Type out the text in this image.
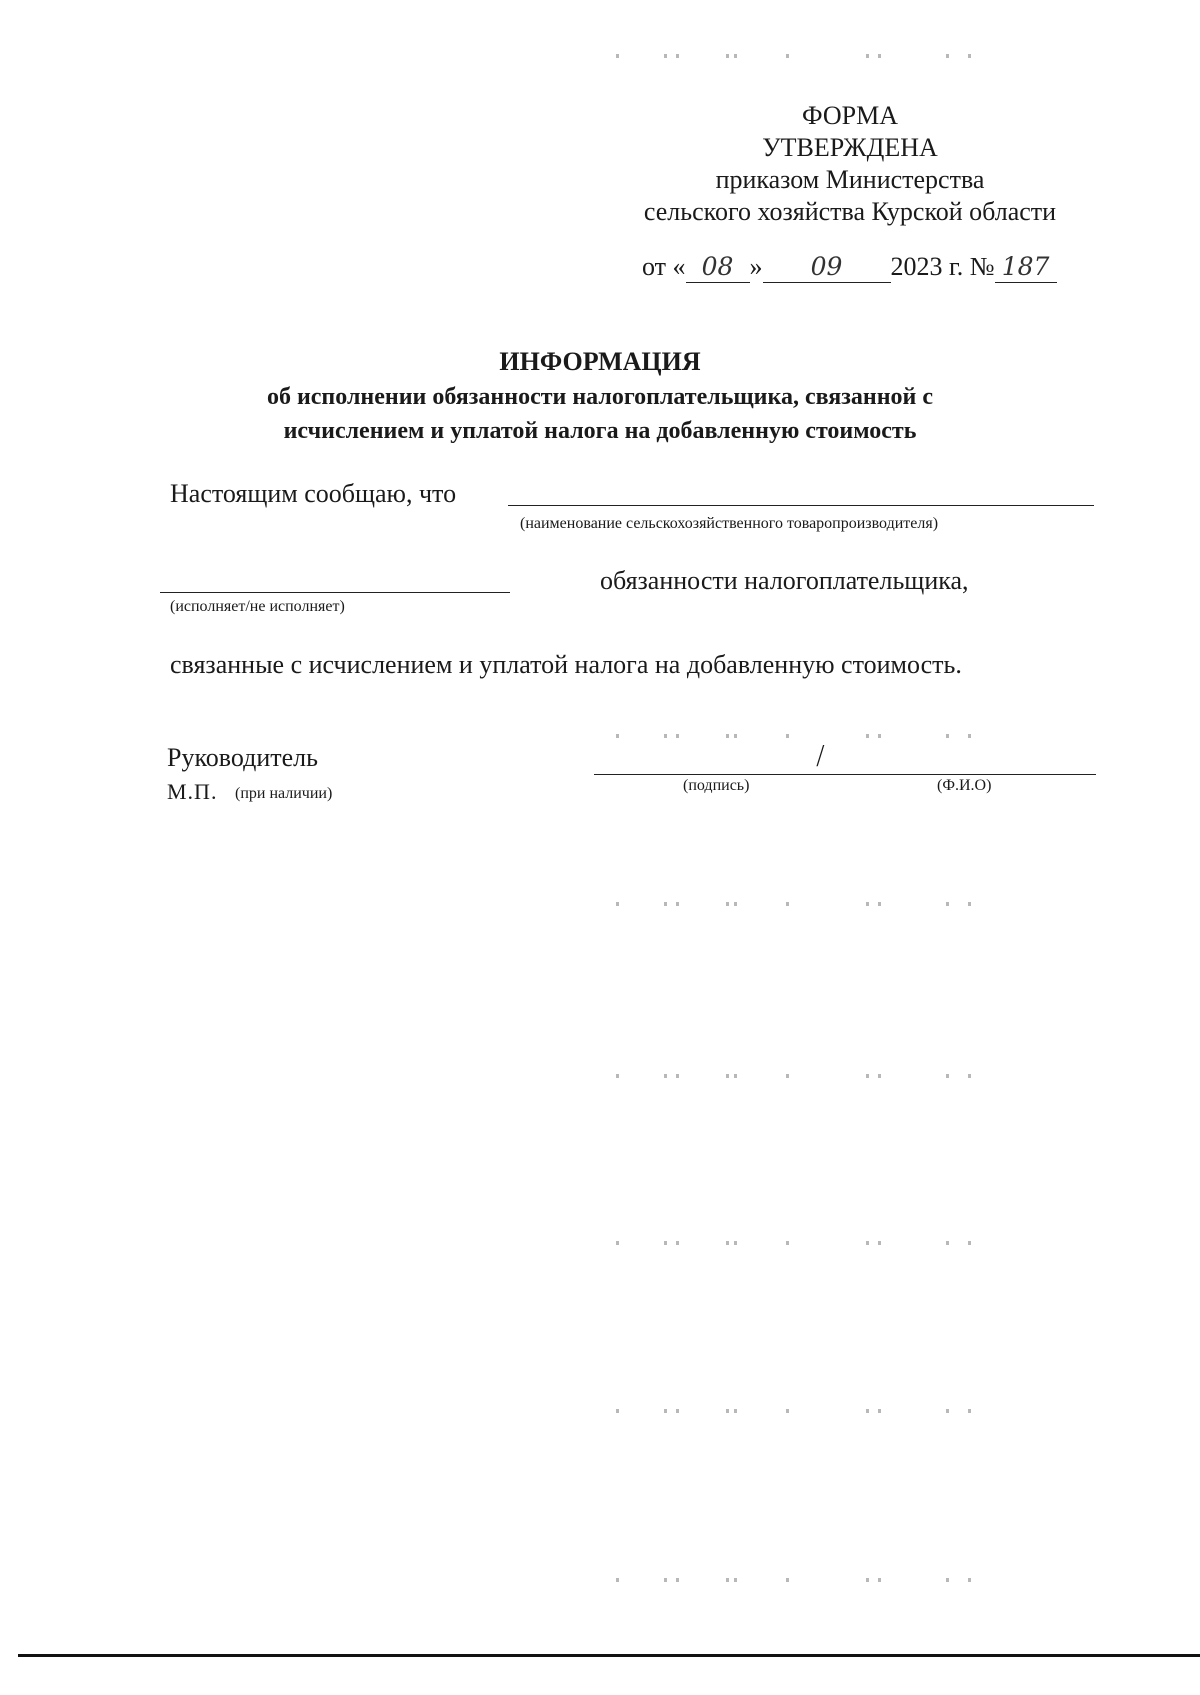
ФОРМА
УТВЕРЖДЕНА
приказом Министерства
сельского хозяйства Курской области
от « 08 » 09 2023 г. № 187
ИНФОРМАЦИЯ
об исполнении обязанности налогоплательщика, связанной с
исчислением и уплатой налога на добавленную стоимость
Настоящим сообщаю, что
(наименование сельскохозяйственного товаропроизводителя)
обязанности налогоплательщика,
(исполняет/не исполняет)
связанные с исчислением и уплатой налога на добавленную стоимость.
Руководитель	/
М.П. (при наличии)	(подпись)	(Ф.И.О)
